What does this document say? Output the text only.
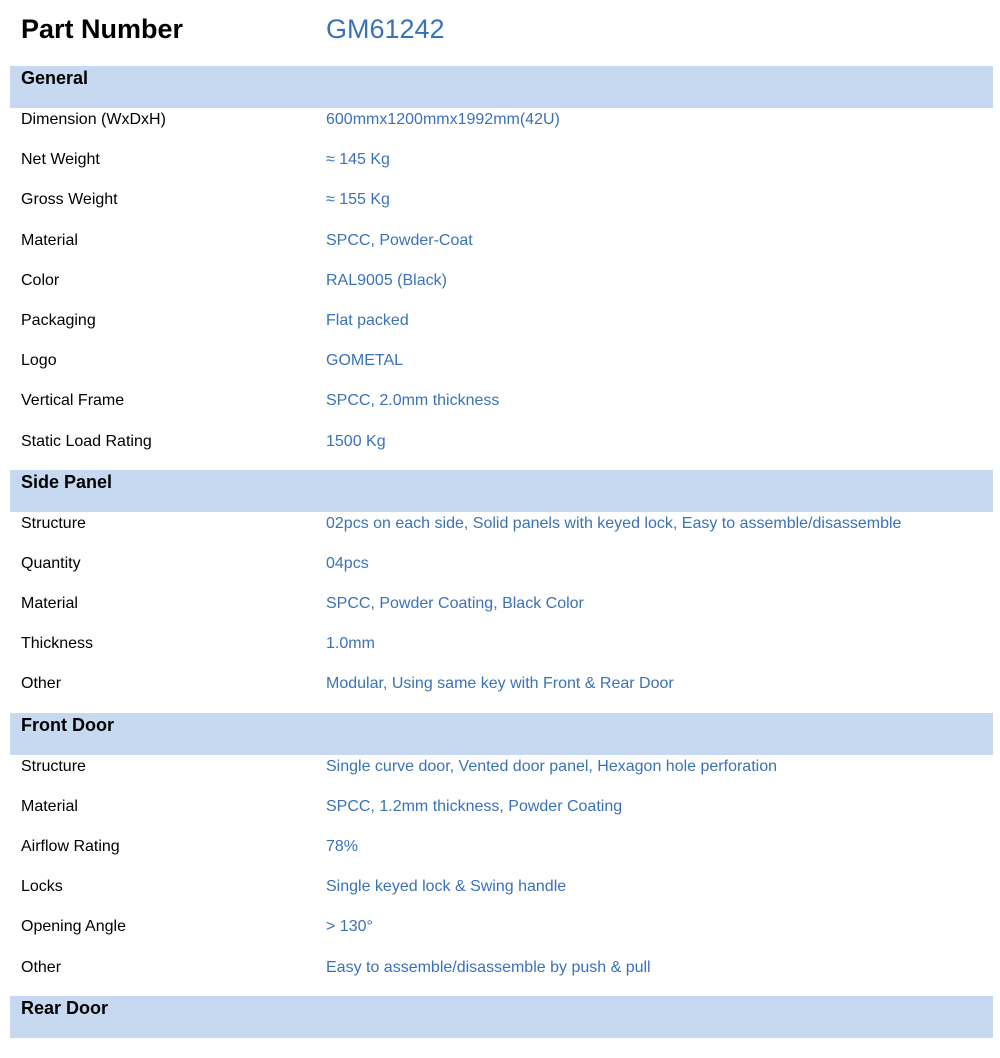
Part Number	GM61242
General
Dimension (WxDxH)	600mmx1200mmx1992mm(42U)
Net Weight	≈ 145 Kg
Gross Weight	≈ 155 Kg
Material	SPCC, Powder-Coat
Color	RAL9005 (Black)
Packaging	Flat packed
Logo	GOMETAL
Vertical Frame	SPCC, 2.0mm thickness
Static Load Rating	1500 Kg
Side Panel
Structure	02pcs on each side, Solid panels with keyed lock, Easy to assemble/disassemble
Quantity	04pcs
Material	SPCC, Powder Coating, Black Color
Thickness	1.0mm
Other	Modular, Using same key with Front & Rear Door
Front Door
Structure	Single curve door, Vented door panel, Hexagon hole perforation
Material	SPCC, 1.2mm thickness, Powder Coating
Airflow Rating	78%
Locks	Single keyed lock & Swing handle
Opening Angle	> 130°
Other	Easy to assemble/disassemble by push & pull
Rear Door
